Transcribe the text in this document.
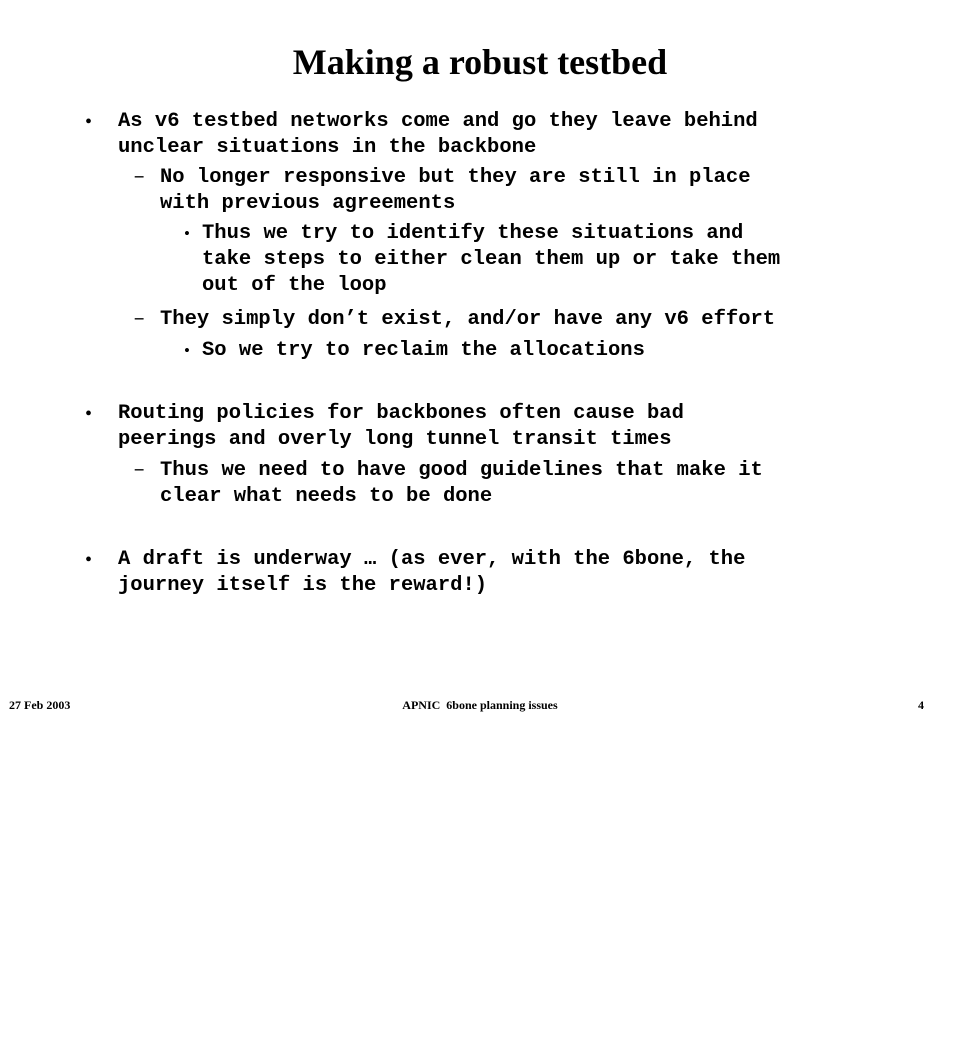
Making a robust testbed

•

As v6 testbed networks come and go they leave behind

unclear situations in the backbone

–

No longer responsive but they are still in place

with previous agreements

•

Thus we try to identify these situations and

take steps to either clean them up or take them

out of the loop

–

They simply don’t exist, and/or have any v6 effort

•

So we try to reclaim the allocations

•

Routing policies for backbones often cause bad

peerings and overly long tunnel transit times

–

Thus we need to have good guidelines that make it

clear what needs to be done

•

A draft is underway … (as ever, with the 6bone, the

journey itself is the reward!)

27 Feb 2003	APNIC  6bone planning issues	4
